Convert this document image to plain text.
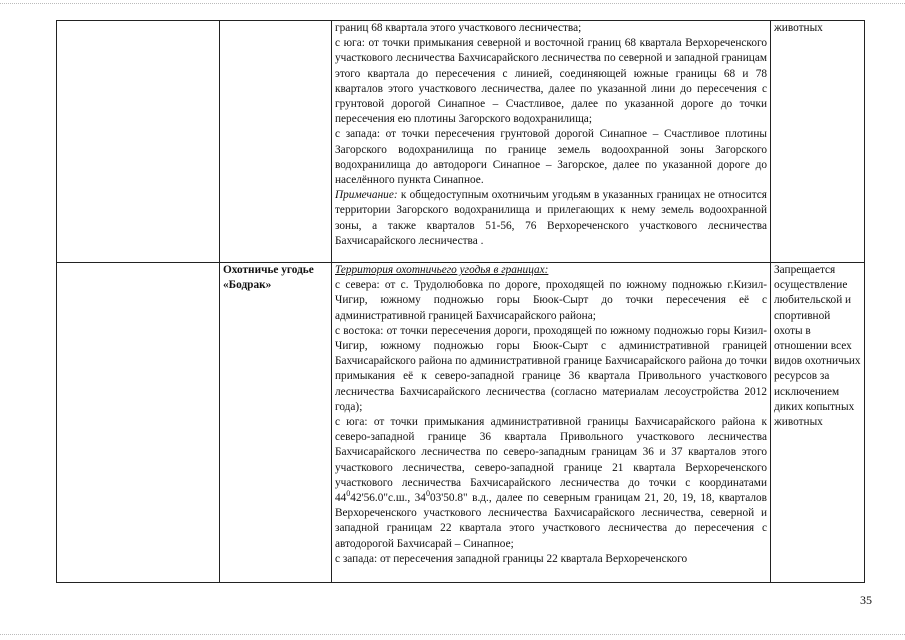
		границ 68 квартала этого участкового лесничества;
с юга: от точки примыкания северной и восточной границ 68 квартала Верхореченского участкового лесничества Бахчисарайского лесничества по северной и западной границам этого квартала до пересечения с линией, соединяющей южные границы 68 и 78 кварталов этого участкового лесничества, далее по указанной лини до пересечения с грунтовой дорогой Синапное – Счастливое, далее по указанной дороге до точки пересечения ею плотины Загорского водохранилища;
с запада: от точки пересечения грунтовой дорогой Синапное – Счастливое плотины Загорского водохранилища по границе земель водоохранной зоны Загорского водохранилища до автодороги Синапное – Загорское, далее по указанной дороге до населённого пункта Синапное.
Примечание: к общедоступным охотничьим угодьям в указанных границах не относится территории Загорского водохранилища и прилегающих к нему земель водоохранной зоны, а также кварталов 51-56, 76 Верхореченского участкового лесничества Бахчисарайского лесничества .	животных
	Охотничье угодье «Бодрак»	Территория охотничьего угодья в границах:
с севера: от с. Трудолюбовка по дороге, проходящей по южному подножью г.Кизил-Чигир, южному подножью горы Бюок-Сырт до точки пересечения её с административной границей Бахчисарайского района;
с востока: от точки пересечения дороги, проходящей по южному подножью горы Кизил-Чигир, южному подножью горы Бюок-Сырт с административной границей Бахчисарайского района по административной границе Бахчисарайского района до точки примыкания её к северо-западной границе 36 квартала Привольного участкового лесничества Бахчисарайского лесничества (согласно материалам лесоустройства 2012 года);
с юга: от точки примыкания административной границы Бахчисарайского района к северо-западной границе 36 квартала Привольного участкового лесничества Бахчисарайского лесничества по северо-западным границам 36 и 37 кварталов этого участкового лесничества, северо-западной границе 21 квартала Верхореченского участкового лесничества Бахчисарайского лесничества до точки с координатами $44^042'56.0"с.ш$., $34^003'50.8$" в.д., далее по северным границам 21, 20, 19, 18, кварталов Верхореченского участкового лесничества Бахчисарайского лесничества, северной и западной границам 22 квартала этого участкового лесничества до пересечения с автодорогой Бахчисарай – Синапное;
с запада: от пересечения западной границы 22 квартала Верхореченского	Запрещается осуществление любительской и спортивной охоты в отношении всех видов охотничьих ресурсов за исключением диких копытных животных
35
